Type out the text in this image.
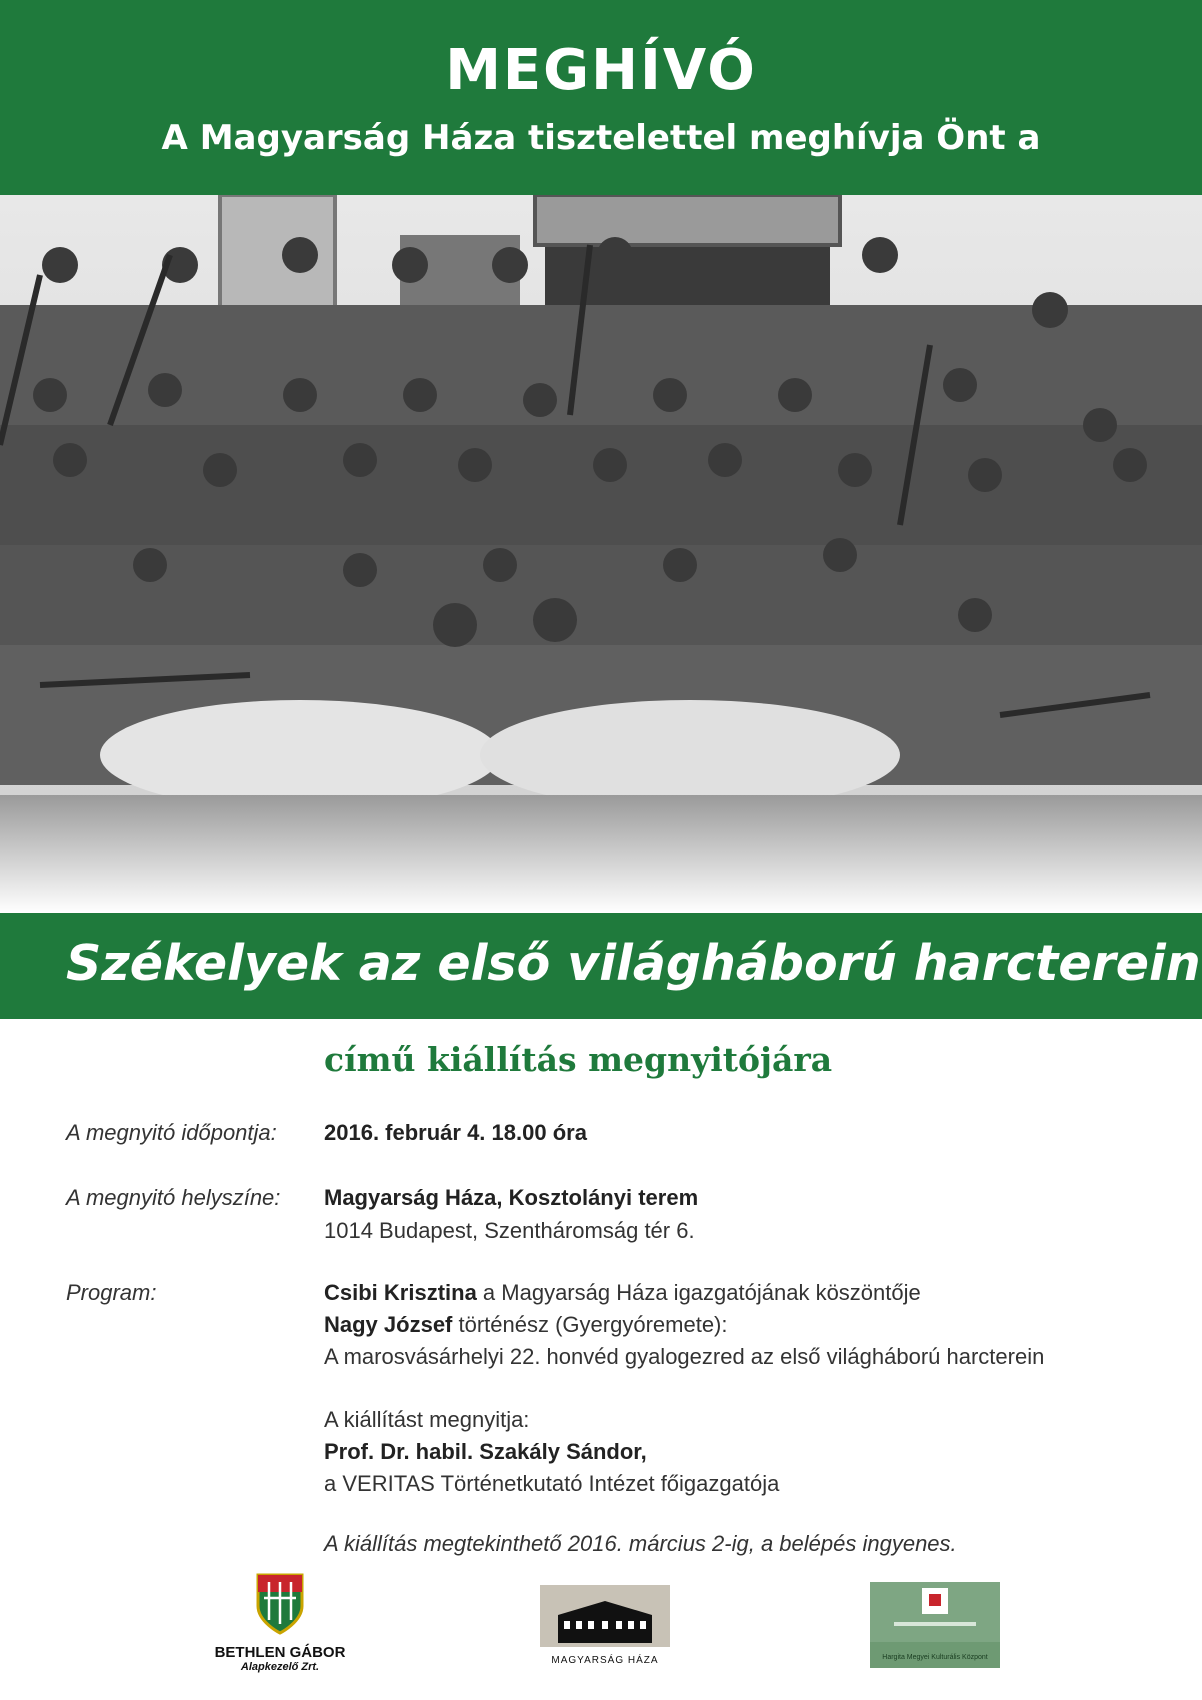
MEGHÍVÓ
A Magyarság Háza tisztelettel meghívja Önt a
Székelyek az első világháború harcterein
című kiállítás megnyitójára
A megnyitó időpontja: 2016. február 4. 18.00 óra
A megnyitó helyszíne: Magyarság Háza, Kosztolányi terem
1014 Budapest, Szentháromság tér 6.
Program:	Csibi Krisztina a Magyarság Háza igazgatójának köszöntője
Nagy József történész (Gyergyóremete):
A marosvásárhelyi 22. honvéd gyalogezred az első világháború harcterein
A kiállítást megnyitja:
Prof. Dr. habil. Szakály Sándor,
a VERITAS Történetkutató Intézet főigazgatója
A kiállítás megtekinthető 2016. március 2-ig, a belépés ingyenes.
BETHLEN GÁBOR
Alapkezelő Zrt.
MAGYARSÁG HÁZA	Hargita Megyei Kulturális Központ
